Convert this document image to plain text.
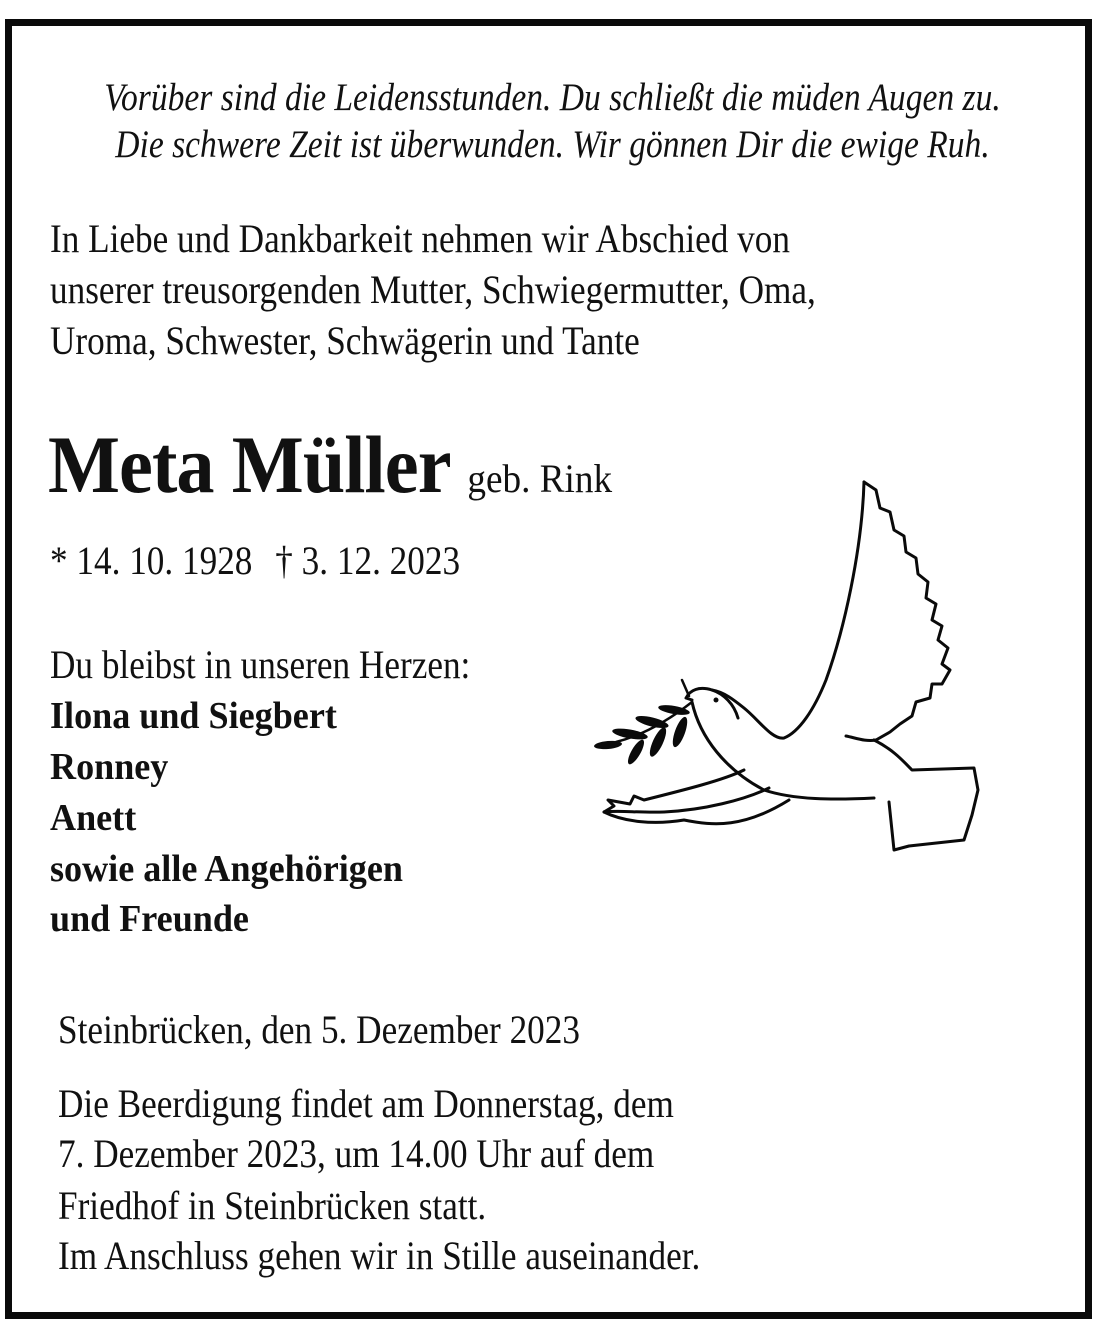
Vorüber sind die Leidensstunden. Du schließt die müden Augen zu.
Die schwere Zeit ist überwunden. Wir gönnen Dir die ewige Ruh.
In Liebe und Dankbarkeit nehmen wir Abschied von
unserer treusorgenden Mutter, Schwiegermutter, Oma,
Uroma, Schwester, Schwägerin und Tante
Meta Müller geb. Rink
* 14. 10. 1928 † 3. 12. 2023
Du bleibst in unseren Herzen:
Ilona und Siegbert
Ronney
Anett
sowie alle Angehörigen
und Freunde
Steinbrücken, den 5. Dezember 2023
Die Beerdigung findet am Donnerstag, dem
7. Dezember 2023, um 14.00 Uhr auf dem
Friedhof in Steinbrücken statt.
Im Anschluss gehen wir in Stille auseinander.
